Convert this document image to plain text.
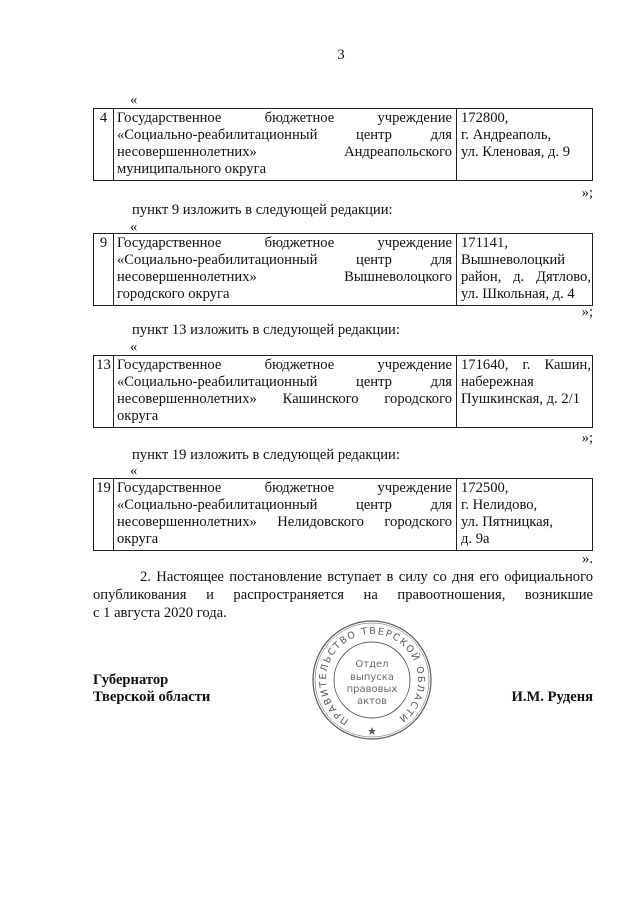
3
«
4 Государственное бюджетное учреждение
«Социально-реабилитационный центр для
несовершеннолетних» Андреапольского
муниципального округа
172800,
г. Андреаполь,
ул. Кленовая, д. 9
»;
пункт 9 изложить в следующей редакции:
«
9 Государственное бюджетное учреждение
«Социально-реабилитационный центр для
несовершеннолетних» Вышневолоцкого
городского округа
171141,
Вышневолоцкий
район, д. Дятлово,
ул. Школьная, д. 4
»;
пункт 13 изложить в следующей редакции:
«
13 Государственное бюджетное учреждение
«Социально-реабилитационный центр для
несовершеннолетних» Кашинского городского
округа
171640, г. Кашин,
набережная
Пушкинская, д. 2/1
»;
пункт 19 изложить в следующей редакции:
«
19 Государственное бюджетное учреждение
«Социально-реабилитационный центр для
несовершеннолетних» Нелидовского городского
округа
172500,
г. Нелидово,
ул. Пятницкая,
д. 9а
».
2. Настоящее постановление вступает в силу со дня его официального
опубликования и распространяется на правоотношения, возникшие
с 1 августа 2020 года.
Губернатор
Тверской области	И.М. Руденя
ПРАВИТЕЛЬСТВО ТВЕРСКОЙ ОБЛАСТИ
Отдел
выпуска
правовых
актов
